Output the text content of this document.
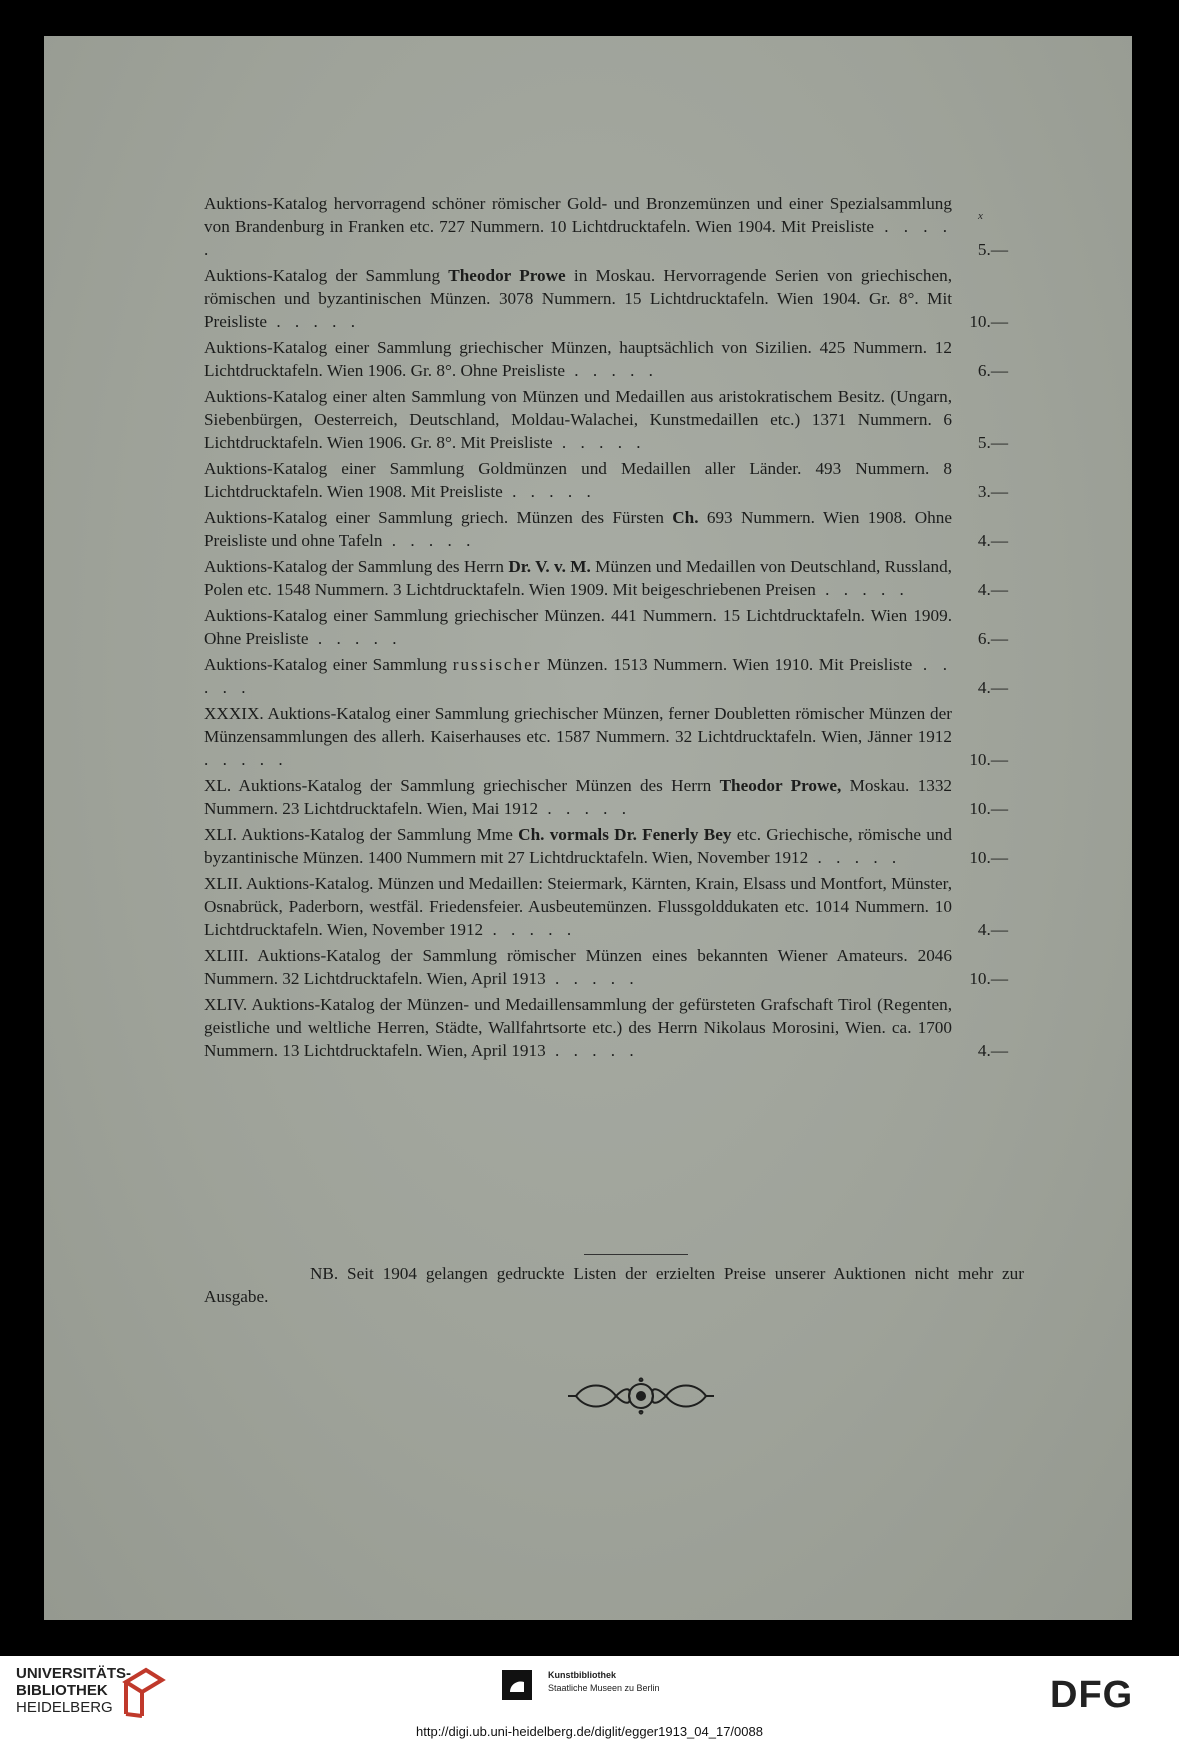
x
Auktions-Katalog hervorragend schöner römischer Gold- und Bronzemünzen und einer Spezialsammlung von Brandenburg in Franken etc. 727 Nummern. 10 Lichtdrucktafeln. Wien 1904. Mit Preisliste . . . . .	5.—
Auktions-Katalog der Sammlung Theodor Prowe in Moskau. Hervorragende Serien von griechischen, römischen und byzantinischen Münzen. 3078 Nummern. 15 Lichtdrucktafeln. Wien 1904. Gr. 8°. Mit Preisliste . . . . .	10.—
Auktions-Katalog einer Sammlung griechischer Münzen, hauptsächlich von Sizilien. 425 Nummern. 12 Lichtdrucktafeln. Wien 1906. Gr. 8°. Ohne Preisliste . . . . .	6.—
Auktions-Katalog einer alten Sammlung von Münzen und Medaillen aus aristokratischem Besitz. (Ungarn, Siebenbürgen, Oesterreich, Deutschland, Moldau-Walachei, Kunstmedaillen etc.) 1371 Nummern. 6 Lichtdrucktafeln. Wien 1906. Gr. 8°. Mit Preisliste . . . . .	5.—
Auktions-Katalog einer Sammlung Goldmünzen und Medaillen aller Länder. 493 Nummern. 8 Lichtdrucktafeln. Wien 1908. Mit Preisliste . . . . .	3.—
Auktions-Katalog einer Sammlung griech. Münzen des Fürsten Ch. 693 Nummern. Wien 1908. Ohne Preisliste und ohne Tafeln . . . . .	4.—
Auktions-Katalog der Sammlung des Herrn Dr. V. v. M. Münzen und Medaillen von Deutschland, Russland, Polen etc. 1548 Nummern. 3 Lichtdrucktafeln. Wien 1909. Mit beigeschriebenen Preisen . . . . .	4.—
Auktions-Katalog einer Sammlung griechischer Münzen. 441 Nummern. 15 Lichtdrucktafeln. Wien 1909. Ohne Preisliste . . . . .	6.—
Auktions-Katalog einer Sammlung russischer Münzen. 1513 Nummern. Wien 1910. Mit Preisliste . . . . .	4.—
XXXIX. Auktions-Katalog einer Sammlung griechischer Münzen, ferner Doubletten römischer Münzen der Münzensammlungen des allerh. Kaiserhauses etc. 1587 Nummern. 32 Lichtdrucktafeln. Wien, Jänner 1912 . . . . .	10.—
XL. Auktions-Katalog der Sammlung griechischer Münzen des Herrn Theodor Prowe, Moskau. 1332 Nummern. 23 Lichtdrucktafeln. Wien, Mai 1912 . . . . .	10.—
XLI. Auktions-Katalog der Sammlung Mme Ch. vormals Dr. Fenerly Bey etc. Griechische, römische und byzantinische Münzen. 1400 Nummern mit 27 Lichtdrucktafeln. Wien, November 1912 . . . . .	10.—
XLII. Auktions-Katalog. Münzen und Medaillen: Steiermark, Kärnten, Krain, Elsass und Montfort, Münster, Osnabrück, Paderborn, westfäl. Friedensfeier. Ausbeutemünzen. Flussgolddukaten etc. 1014 Nummern. 10 Lichtdrucktafeln. Wien, November 1912 . . . . .	4.—
XLIII. Auktions-Katalog der Sammlung römischer Münzen eines bekannten Wiener Amateurs. 2046 Nummern. 32 Lichtdrucktafeln. Wien, April 1913 . . . . .	10.—
XLIV. Auktions-Katalog der Münzen- und Medaillensammlung der gefürsteten Grafschaft Tirol (Regenten, geistliche und weltliche Herren, Städte, Wallfahrtsorte etc.) des Herrn Nikolaus Morosini, Wien. ca. 1700 Nummern. 13 Lichtdrucktafeln. Wien, April 1913 . . . . .	4.—
NB. Seit 1904 gelangen gedruckte Listen der erzielten Preise unserer Auktionen nicht mehr zur Ausgabe.
UNIVERSITÄTS-
BIBLIOTHEK
HEIDELBERG
Kunstbibliothek
Staatliche Museen zu Berlin	DFG
http://digi.ub.uni-heidelberg.de/diglit/egger1913_04_17/0088
